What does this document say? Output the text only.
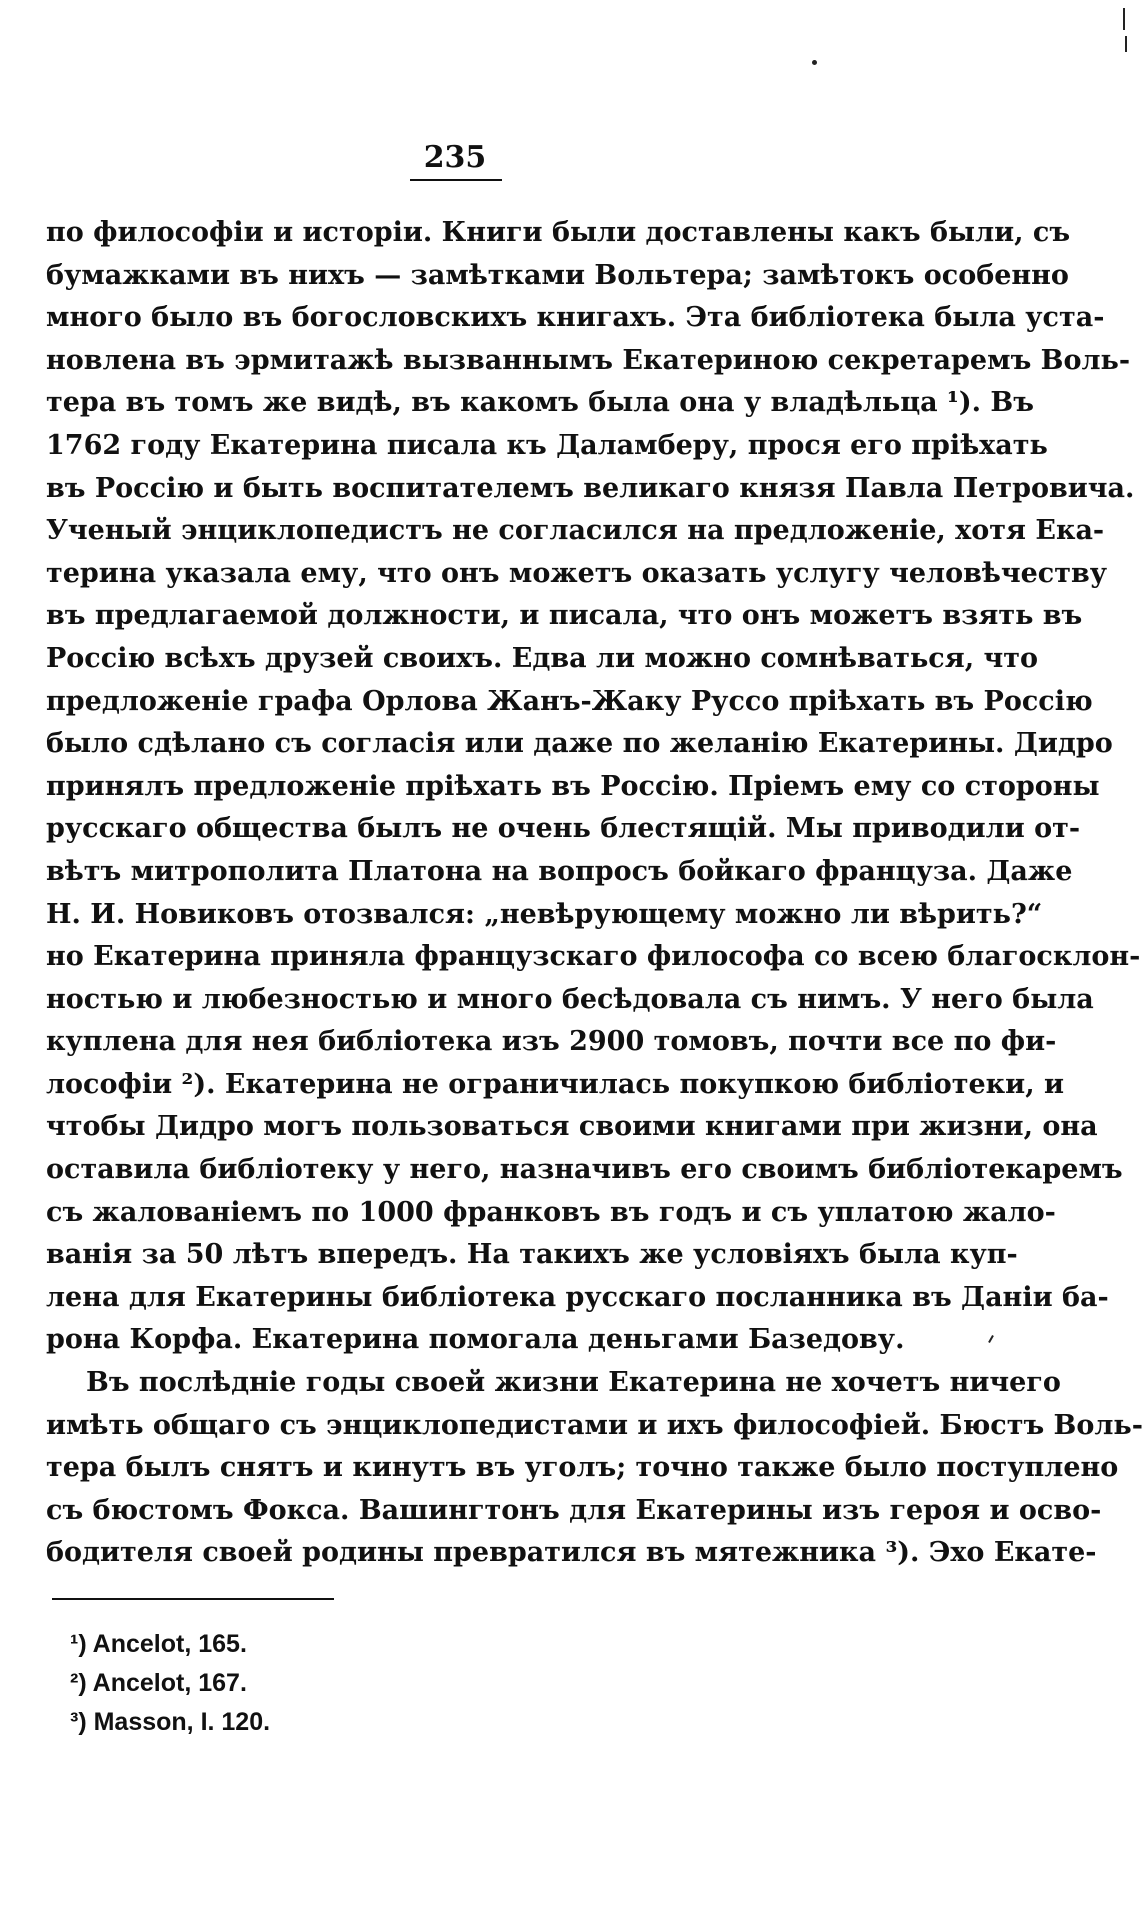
235
по философіи и исторіи. Книги были доставлены какъ были, съ
бумажками въ нихъ — замѣтками Вольтера; замѣтокъ особенно
много было въ богословскихъ книгахъ. Эта библіотека была уста-
новлена въ эрмитажѣ вызваннымъ Екатериною секретаремъ Воль-
тера въ томъ же видѣ, въ какомъ была она у владѣльца ¹). Въ
1762 году Екатерина писала къ Даламберу, прося его пріѣхать
въ Россію и быть воспитателемъ великаго князя Павла Петровича.
Ученый энциклопедистъ не согласился на предложеніе, хотя Ека-
терина указала ему, что онъ можетъ оказать услугу человѣчеству
въ предлагаемой должности, и писала, что онъ можетъ взять въ
Россію всѣхъ друзей своихъ. Едва ли можно сомнѣваться, что
предложеніе графа Орлова Жанъ-Жаку Руссо пріѣхать въ Россію
было сдѣлано съ согласія или даже по желанію Екатерины. Дидро
принялъ предложеніе пріѣхать въ Россію. Пріемъ ему со стороны
русскаго общества былъ не очень блестящій. Мы приводили от-
вѣтъ митрополита Платона на вопросъ бойкаго француза. Даже
Н. И. Новиковъ отозвался: „невѣрующему можно ли вѣрить?“
но Екатерина приняла французскаго философа со всею благосклон-
ностью и любезностью и много бесѣдовала съ нимъ. У него была
куплена для нея библіотека изъ 2900 томовъ, почти все по фи-
лософіи ²). Екатерина не ограничилась покупкою библіотеки, и
чтобы Дидро могъ пользоваться своими книгами при жизни, она
оставила библіотеку у него, назначивъ его своимъ библіотекаремъ
съ жалованіемъ по 1000 франковъ въ годъ и съ уплатою жало-
ванія за 50 лѣтъ впередъ. На такихъ же условіяхъ была куп-
лена для Екатерины библіотека русскаго посланника въ Даніи ба-
рона Корфа. Екатерина помогала деньгами Базедову.
Въ послѣдніе годы своей жизни Екатерина не хочетъ ничего
имѣть общаго съ энциклопедистами и ихъ философіей. Бюстъ Воль-
тера былъ снятъ и кинутъ въ уголъ; точно также было поступлено
съ бюстомъ Фокса. Вашингтонъ для Екатерины изъ героя и осво-
бодителя своей родины превратился въ мятежника ³). Эхо Екате-
¹) Ancelot, 165.
²) Ancelot, 167.
³) Masson, I. 120.
